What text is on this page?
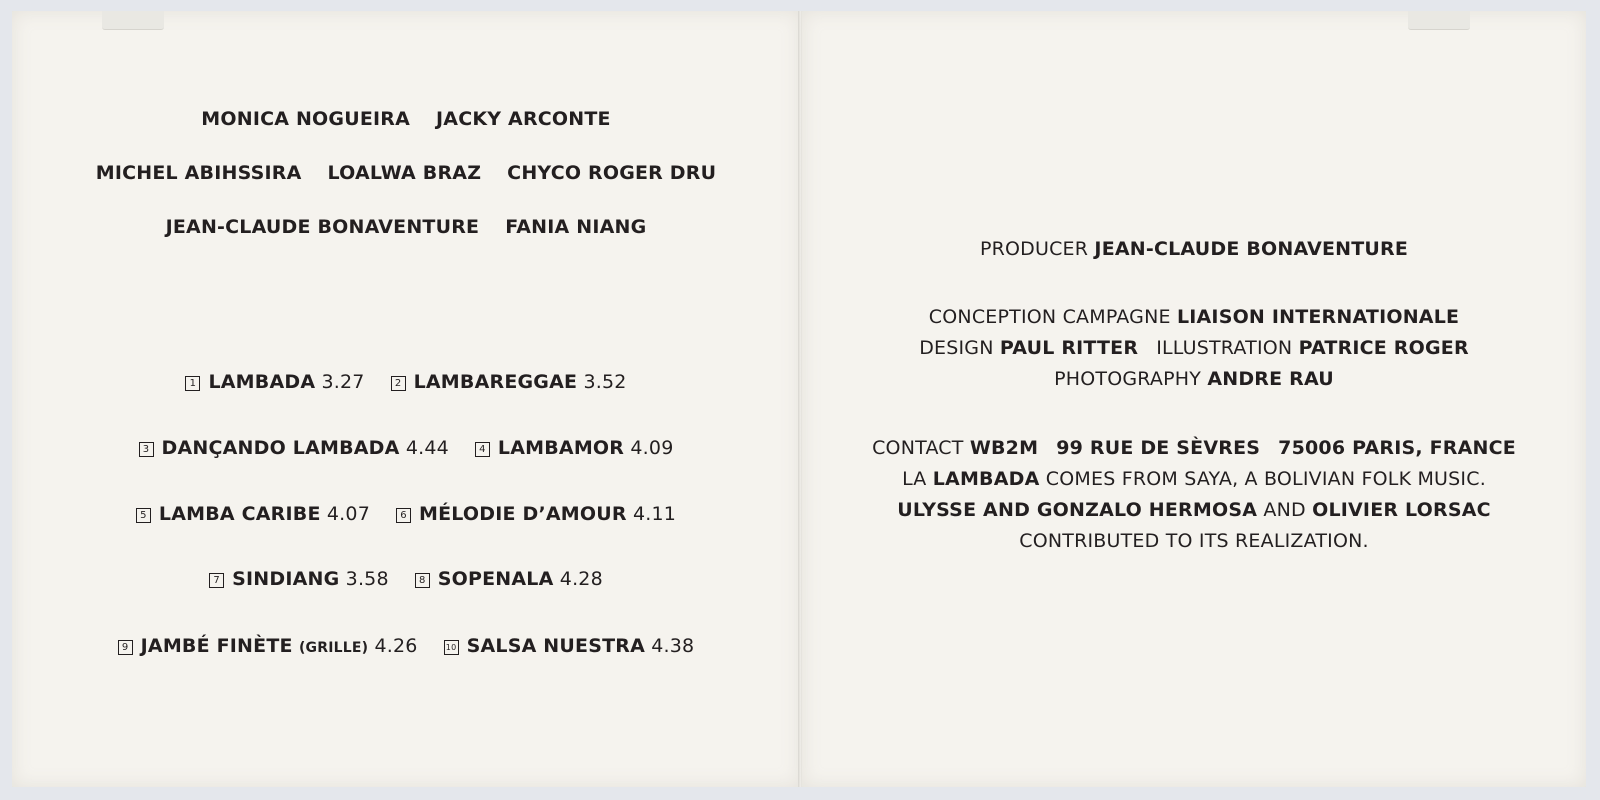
MONICA NOGUEIRA JACKY ARCONTE
MICHEL ABIHSSIRA LOALWA BRAZ CHYCO ROGER DRU
JEAN-CLAUDE BONAVENTURE FANIA NIANG
1 LAMBADA 3.27	2 LAMBAREGGAE 3.52
3 DANÇANDO LAMBADA 4.44	4 LAMBAMOR 4.09
5 LAMBA CARIBE 4.07	6 MÉLODIE D’AMOUR 4.11
7 SINDIANG 3.58	8 SOPENALA 4.28
9 JAMBÉ FINÈTE (GRILLE) 4.26	10 SALSA NUESTRA 4.38
PRODUCER JEAN-CLAUDE BONAVENTURE
CONCEPTION CAMPAGNE LIAISON INTERNATIONALE
DESIGN PAUL RITTER ILLUSTRATION PATRICE ROGER
PHOTOGRAPHY ANDRE RAU
CONTACT WB2M 99 RUE DE SÈVRES 75006 PARIS, FRANCE
LA LAMBADA COMES FROM SAYA, A BOLIVIAN FOLK MUSIC.
ULYSSE AND GONZALO HERMOSA AND OLIVIER LORSAC
CONTRIBUTED TO ITS REALIZATION.
